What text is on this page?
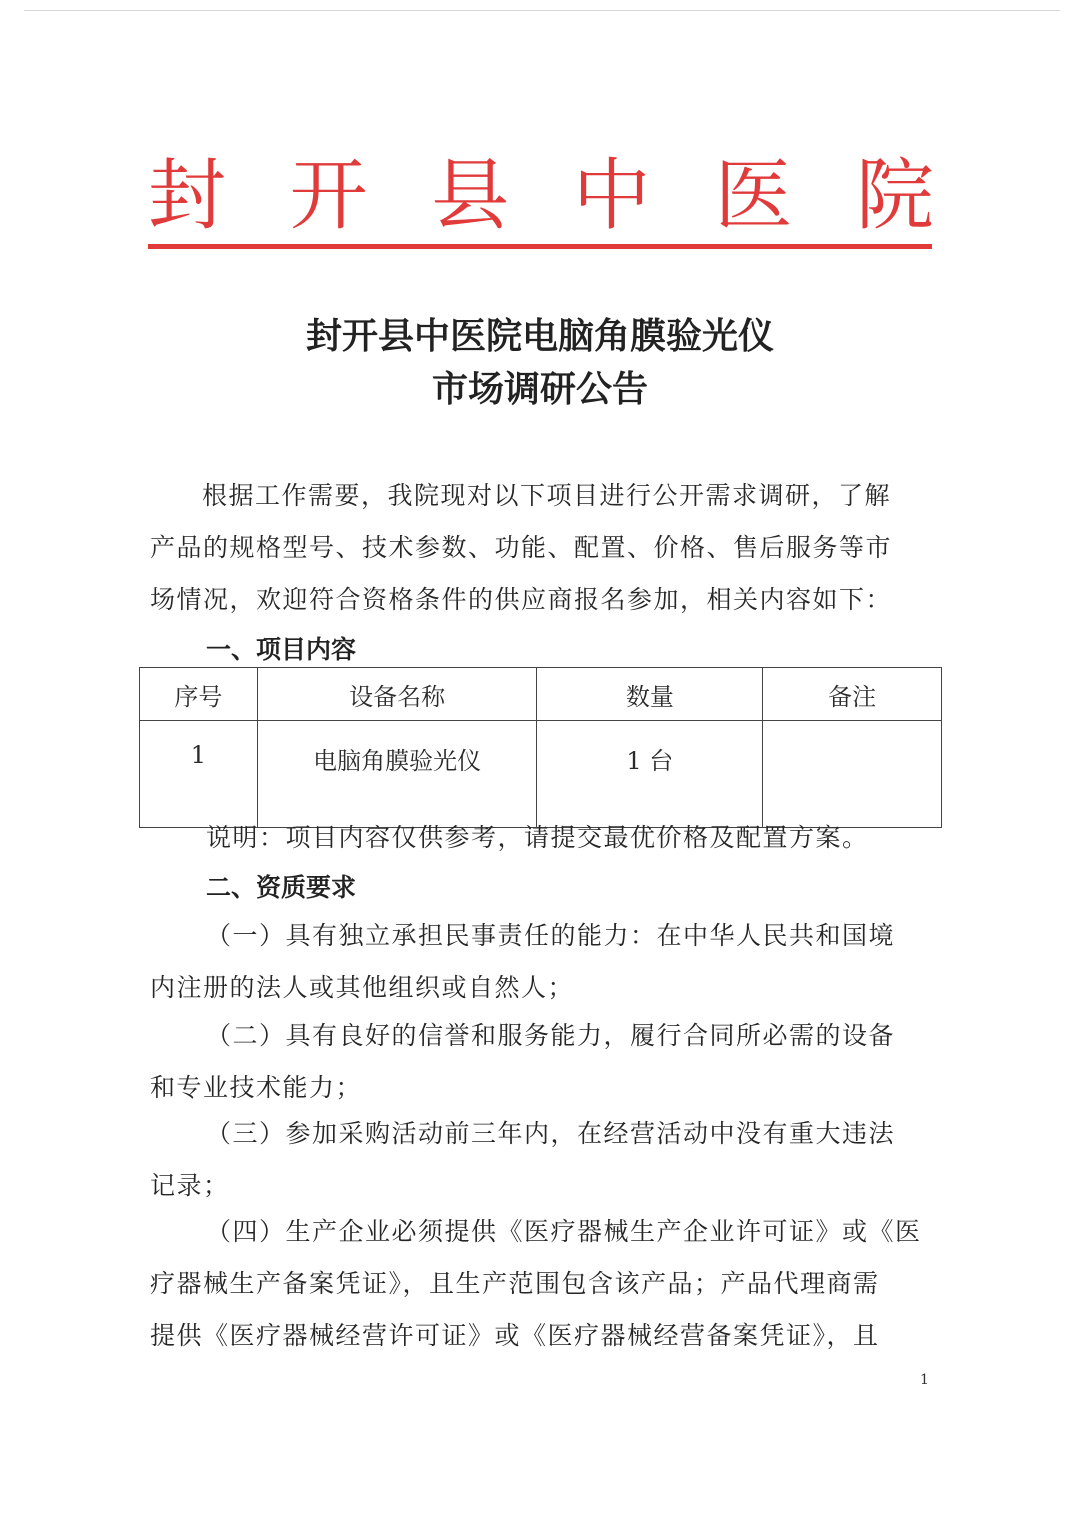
封 开 县 中 医 院
封开县中医院电脑角膜验光仪
市场调研公告
根据工作需要，我院现对以下项目进行公开需求调研，了解
产品的规格型号、技术参数、功能、配置、价格、售后服务等市
场情况，欢迎符合资格条件的供应商报名参加，相关内容如下：
一、项目内容
序号	设备名称	数量	备注
1	电脑角膜验光仪	1 台	
说明：项目内容仅供参考，请提交最优价格及配置方案。
二、资质要求
（一）具有独立承担民事责任的能力：在中华人民共和国境
内注册的法人或其他组织或自然人；
（二）具有良好的信誉和服务能力，履行合同所必需的设备
和专业技术能力；
（三）参加采购活动前三年内，在经营活动中没有重大违法
记录；
（四）生产企业必须提供《医疗器械生产企业许可证》或《医
疗器械生产备案凭证》，且生产范围包含该产品；产品代理商需
提供《医疗器械经营许可证》或《医疗器械经营备案凭证》，且
1
